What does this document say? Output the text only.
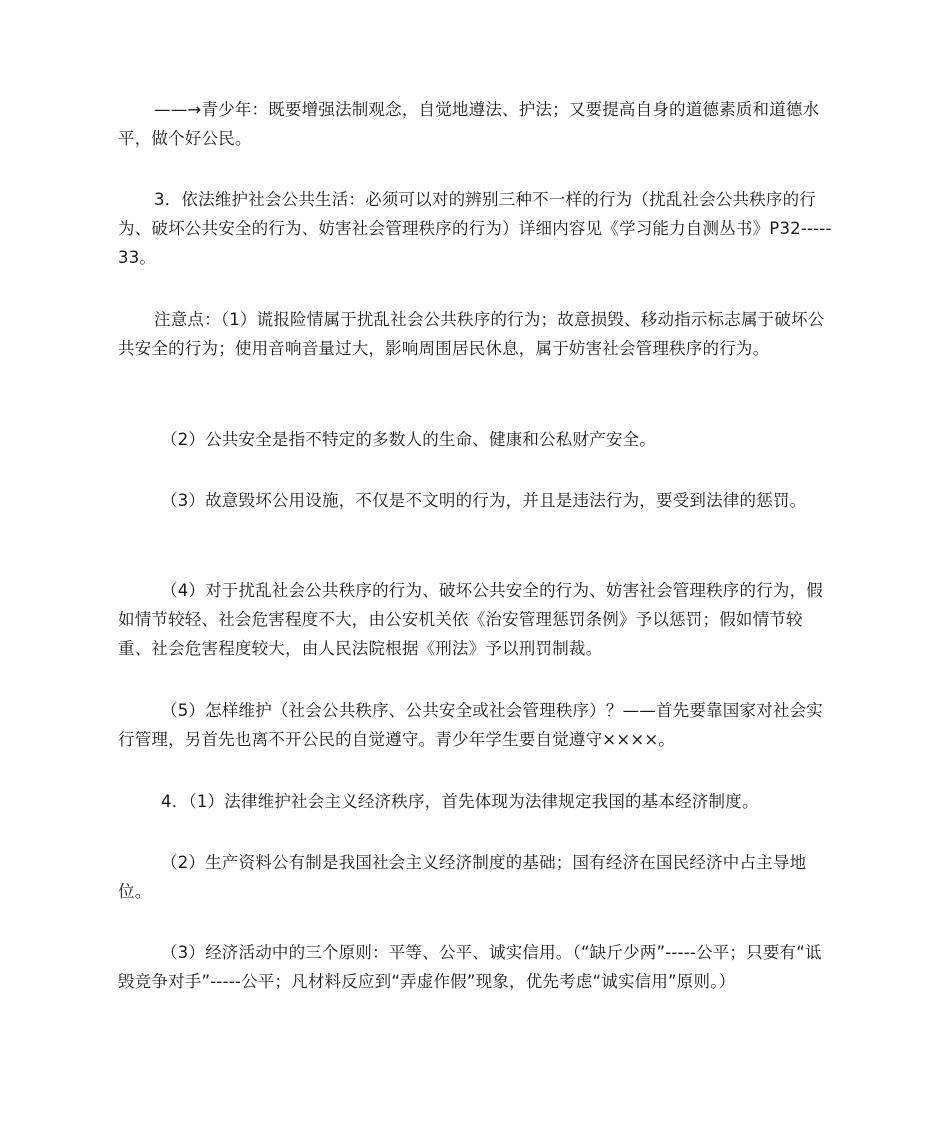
——→青少年：既要增强法制观念，自觉地遵法、护法；又要提高自身的道德素质和道德水平，做个好公民。

3．依法维护社会公共生活：必须可以对的辨别三种不一样的行为（扰乱社会公共秩序的行为、破坏公共安全的行为、妨害社会管理秩序的行为）详细内容见《学习能力自测丛书》P32-----33。

注意点：（1）谎报险情属于扰乱社会公共秩序的行为；故意损毁、移动指示标志属于破坏公共安全的行为；使用音响音量过大，影响周围居民休息，属于妨害社会管理秩序的行为。

（2）公共安全是指不特定的多数人的生命、健康和公私财产安全。

（3）故意毁坏公用设施，不仅是不文明的行为，并且是违法行为，要受到法律的惩罚。

（4）对于扰乱社会公共秩序的行为、破坏公共安全的行为、妨害社会管理秩序的行为，假如情节较轻、社会危害程度不大，由公安机关依《治安管理惩罚条例》予以惩罚；假如情节较重、社会危害程度较大，由人民法院根据《刑法》予以刑罚制裁。

（5）怎样维护（社会公共秩序、公共安全或社会管理秩序）？——首先要靠国家对社会实行管理，另首先也离不开公民的自觉遵守。青少年学生要自觉遵守××××。

4．（1）法律维护社会主义经济秩序，首先体现为法律规定我国的基本经济制度。

（2）生产资料公有制是我国社会主义经济制度的基础；国有经济在国民经济中占主导地位。

（3）经济活动中的三个原则：平等、公平、诚实信用。（“缺斤少两”-----公平；只要有“诋毁竞争对手”-----公平；凡材料反应到“弄虚作假”现象，优先考虑“诚实信用”原则。）
